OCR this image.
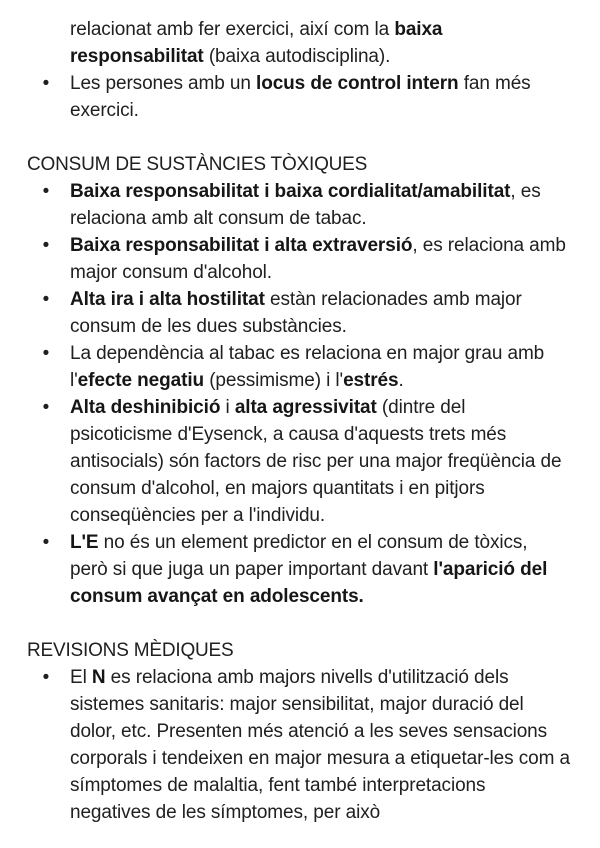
relacionat amb fer exercici, així com la baixa responsabilitat (baixa autodisciplina).
• Les persones amb un locus de control intern fan més exercici.
CONSUM DE SUSTÀNCIES TÒXIQUES
• Baixa responsabilitat i baixa cordialitat/amabilitat, es relaciona amb alt consum de tabac.
• Baixa responsabilitat i alta extraversió, es relaciona amb major consum d'alcohol.
• Alta ira i alta hostilitat estàn relacionades amb major consum de les dues substàncies.
• La dependència al tabac es relaciona en major grau amb l'efecte negatiu (pessimisme) i l'estrés.
• Alta deshinibició i alta agressivitat (dintre del psicoticisme d'Eysenck, a causa d'aquests trets més antisocials) són factors de risc per una major freqüència de consum d'alcohol, en majors quantitats i en pitjors conseqüències per a l'individu.
• L'E no és un element predictor en el consum de tòxics, però si que juga un paper important davant l'aparició del consum avançat en adolescents.
REVISIONS MÈDIQUES
• El N es relaciona amb majors nivells d'utilització dels sistemes sanitaris: major sensibilitat, major duració del dolor, etc. Presenten més atenció a les seves sensacions corporals i tendeixen en major mesura a etiquetar-les com a símptomes de malaltia, fent també interpretacions negatives de les símptomes, per això
